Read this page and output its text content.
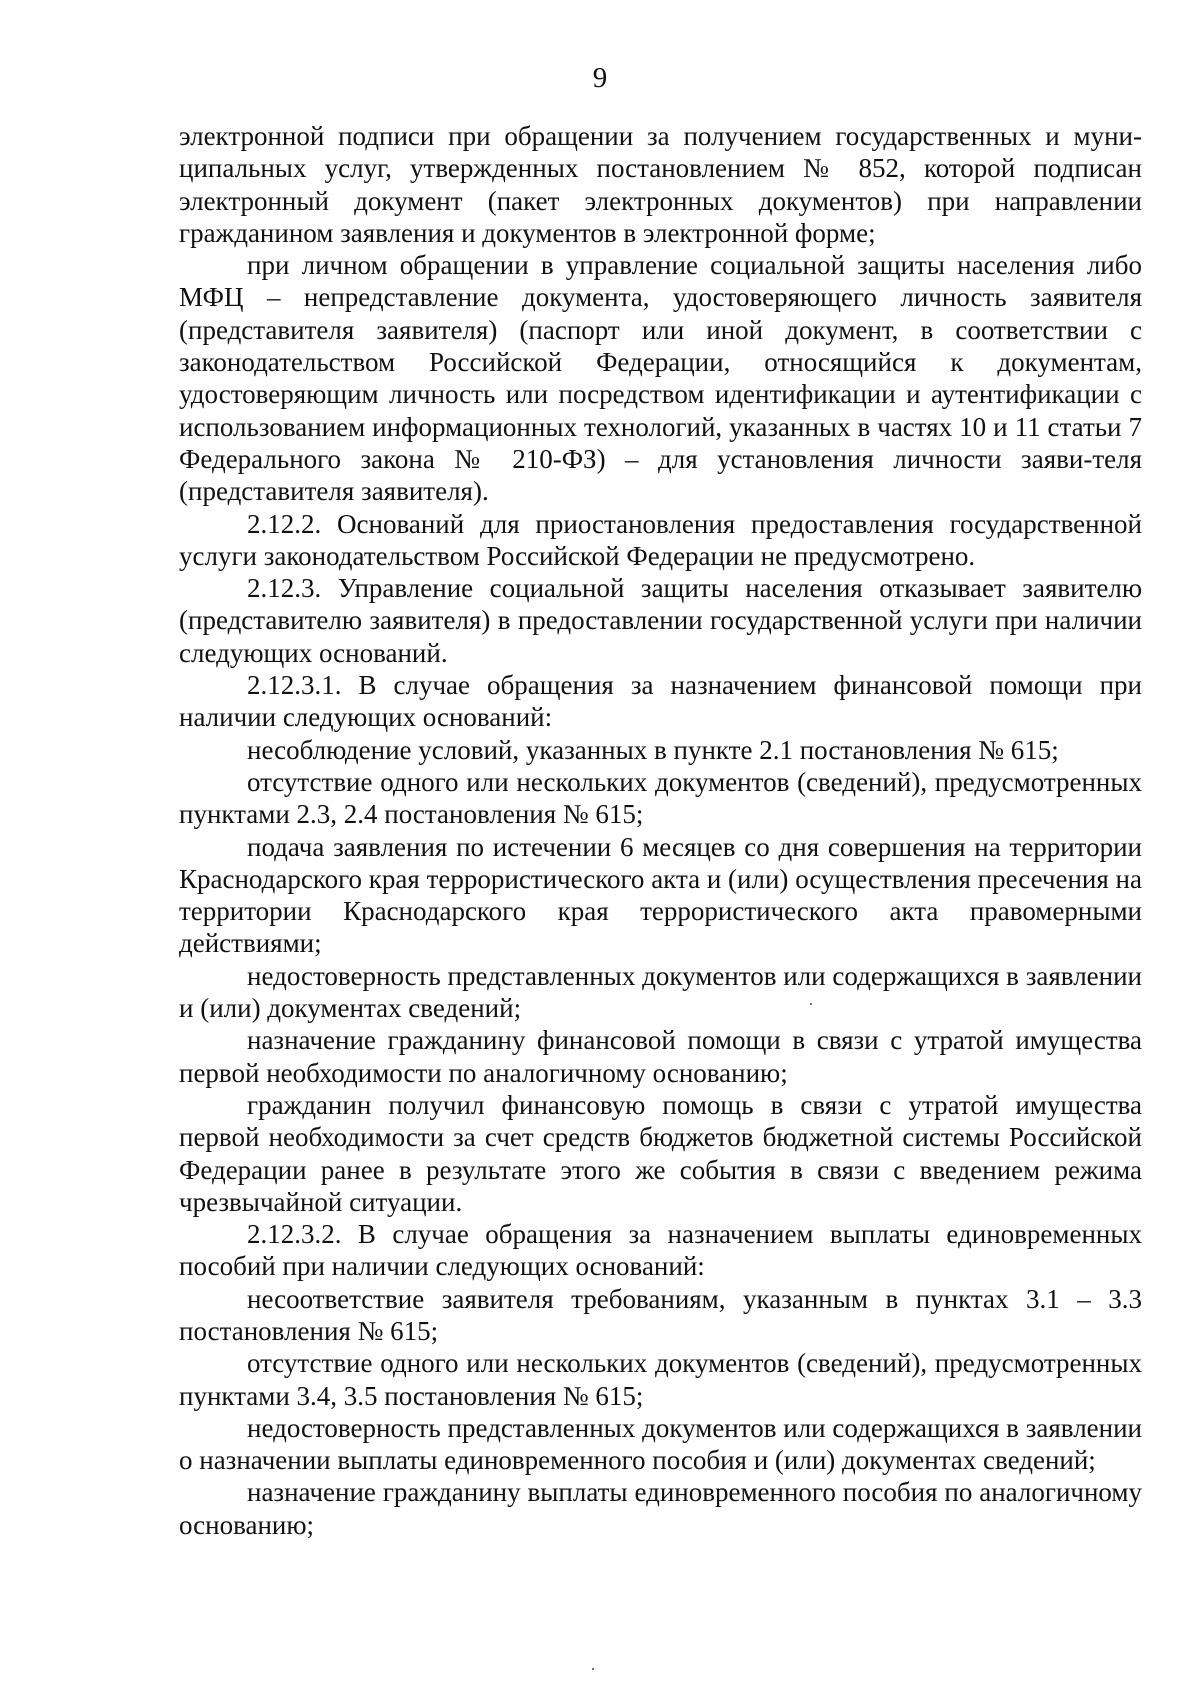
9

электронной подписи при обращении за получением государственных и муни-ципальных услуг, утвержденных постановлением № 852, которой подписан электронный документ (пакет электронных документов) при направлении гражданином заявления и документов в электронной форме;

при личном обращении в управление социальной защиты населения либо МФЦ – непредставление документа, удостоверяющего личность заявителя (представителя заявителя) (паспорт или иной документ, в соответствии с законодательством Российской Федерации, относящийся к документам, удостоверяющим личность или посредством идентификации и аутентификации с использованием информационных технологий, указанных в частях 10 и 11 статьи 7 Федерального закона № 210-ФЗ) – для установления личности заяви-теля (представителя заявителя).

2.12.2. Оснований для приостановления предоставления государственной услуги законодательством Российской Федерации не предусмотрено.

2.12.3. Управление социальной защиты населения отказывает заявителю (представителю заявителя) в предоставлении государственной услуги при наличии следующих оснований.

2.12.3.1. В случае обращения за назначением финансовой помощи при наличии следующих оснований:

несоблюдение условий, указанных в пункте 2.1 постановления № 615;

отсутствие одного или нескольких документов (сведений), предусмотренных пунктами 2.3, 2.4 постановления № 615;

подача заявления по истечении 6 месяцев со дня совершения на территории Краснодарского края террористического акта и (или) осуществления пресечения на территории Краснодарского края террористического акта правомерными действиями;

недостоверность представленных документов или содержащихся в заявлении и (или) документах сведений;

назначение гражданину финансовой помощи в связи с утратой имущества первой необходимости по аналогичному основанию;

гражданин получил финансовую помощь в связи с утратой имущества первой необходимости за счет средств бюджетов бюджетной системы Российской Федерации ранее в результате этого же события в связи с введением режима чрезвычайной ситуации.

2.12.3.2. В случае обращения за назначением выплаты единовременных пособий при наличии следующих оснований:

несоответствие заявителя требованиям, указанным в пунктах 3.1 – 3.3 постановления № 615;

отсутствие одного или нескольких документов (сведений), предусмотренных пунктами 3.4, 3.5 постановления № 615;

недостоверность представленных документов или содержащихся в заявлении о назначении выплаты единовременного пособия и (или) документах сведений;

назначение гражданину выплаты единовременного пособия по аналогичному основанию;
